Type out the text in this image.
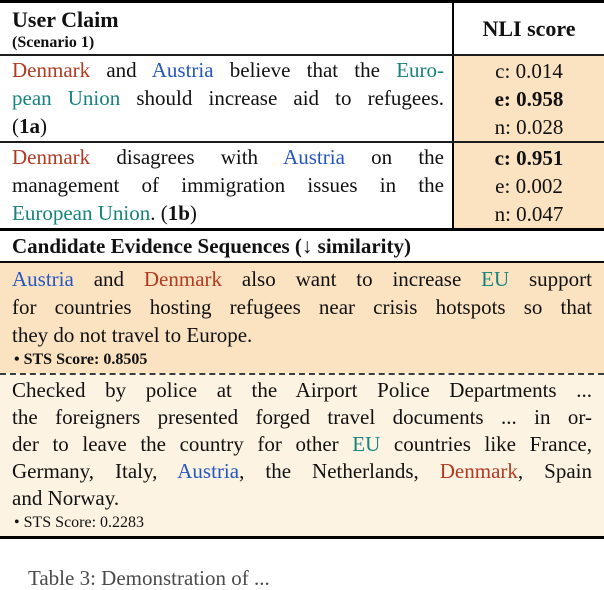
User Claim
(Scenario 1)
NLI score
Denmark and Austria believe that the Euro-
pean Union should increase aid to refugees.
(1a)
c: 0.014
e: 0.958
n: 0.028
Denmark disagrees with Austria on the
management of immigration issues in the
European Union. (1b)
c: 0.951
e: 0.002
n: 0.047
Candidate Evidence Sequences (↓ similarity)
Austria and Denmark also want to increase EU support
for countries hosting refugees near crisis hotspots so that
they do not travel to Europe.
• STS Score: 0.8505
Checked by police at the Airport Police Departments ...
the foreigners presented forged travel documents ... in or-
der to leave the country for other EU countries like France,
Germany, Italy, Austria, the Netherlands, Denmark, Spain
and Norway.
• STS Score: 0.2283
Table 3: Demonstration of ...
